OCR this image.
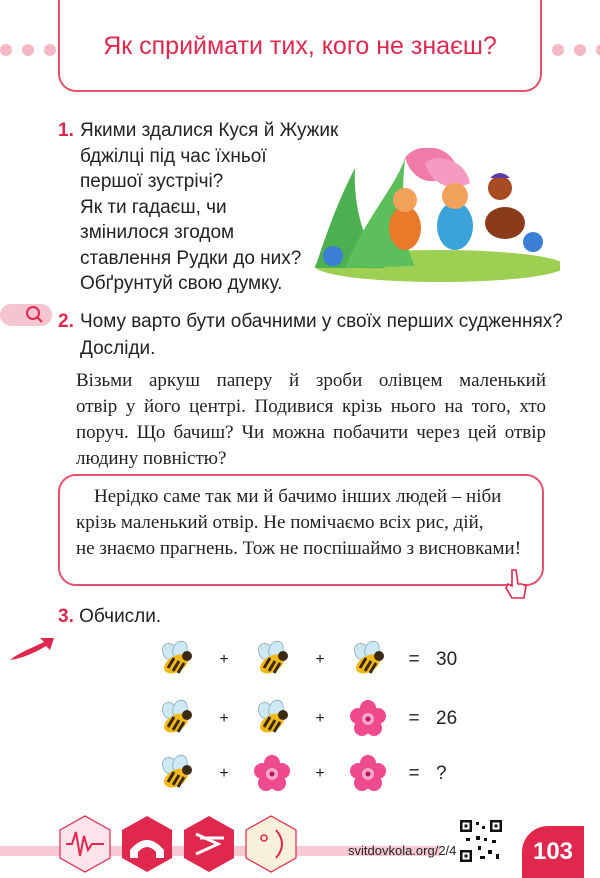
Як сприймати тих, кого не знаєш?
1. Якими здалися Куся й Жужик
бджілці під час їхньої
першої зустрічі?
Як ти гадаєш, чи
змінилося згодом
ставлення Рудки до них?
Обґрунтуй свою думку.
2. Чому варто бути обачними у своїх перших судженнях?
Досліди.
Візьми аркуш паперу й зроби олівцем маленький
отвір у його центрі. Подивися крізь нього на того, хто
поруч. Що бачиш? Чи можна побачити через цей отвір
людину повністю?
Нерідко саме так ми й бачимо інших людей – ніби
крізь маленький отвір. Не помічаємо всіх рис, дій,
не знаємо прагнень. Тож не поспішаймо з висновками!
3. Обчисли.
+	+	= 30
+	+	= 26
+	+	= ?
svitdovkola.org/2/4	103
